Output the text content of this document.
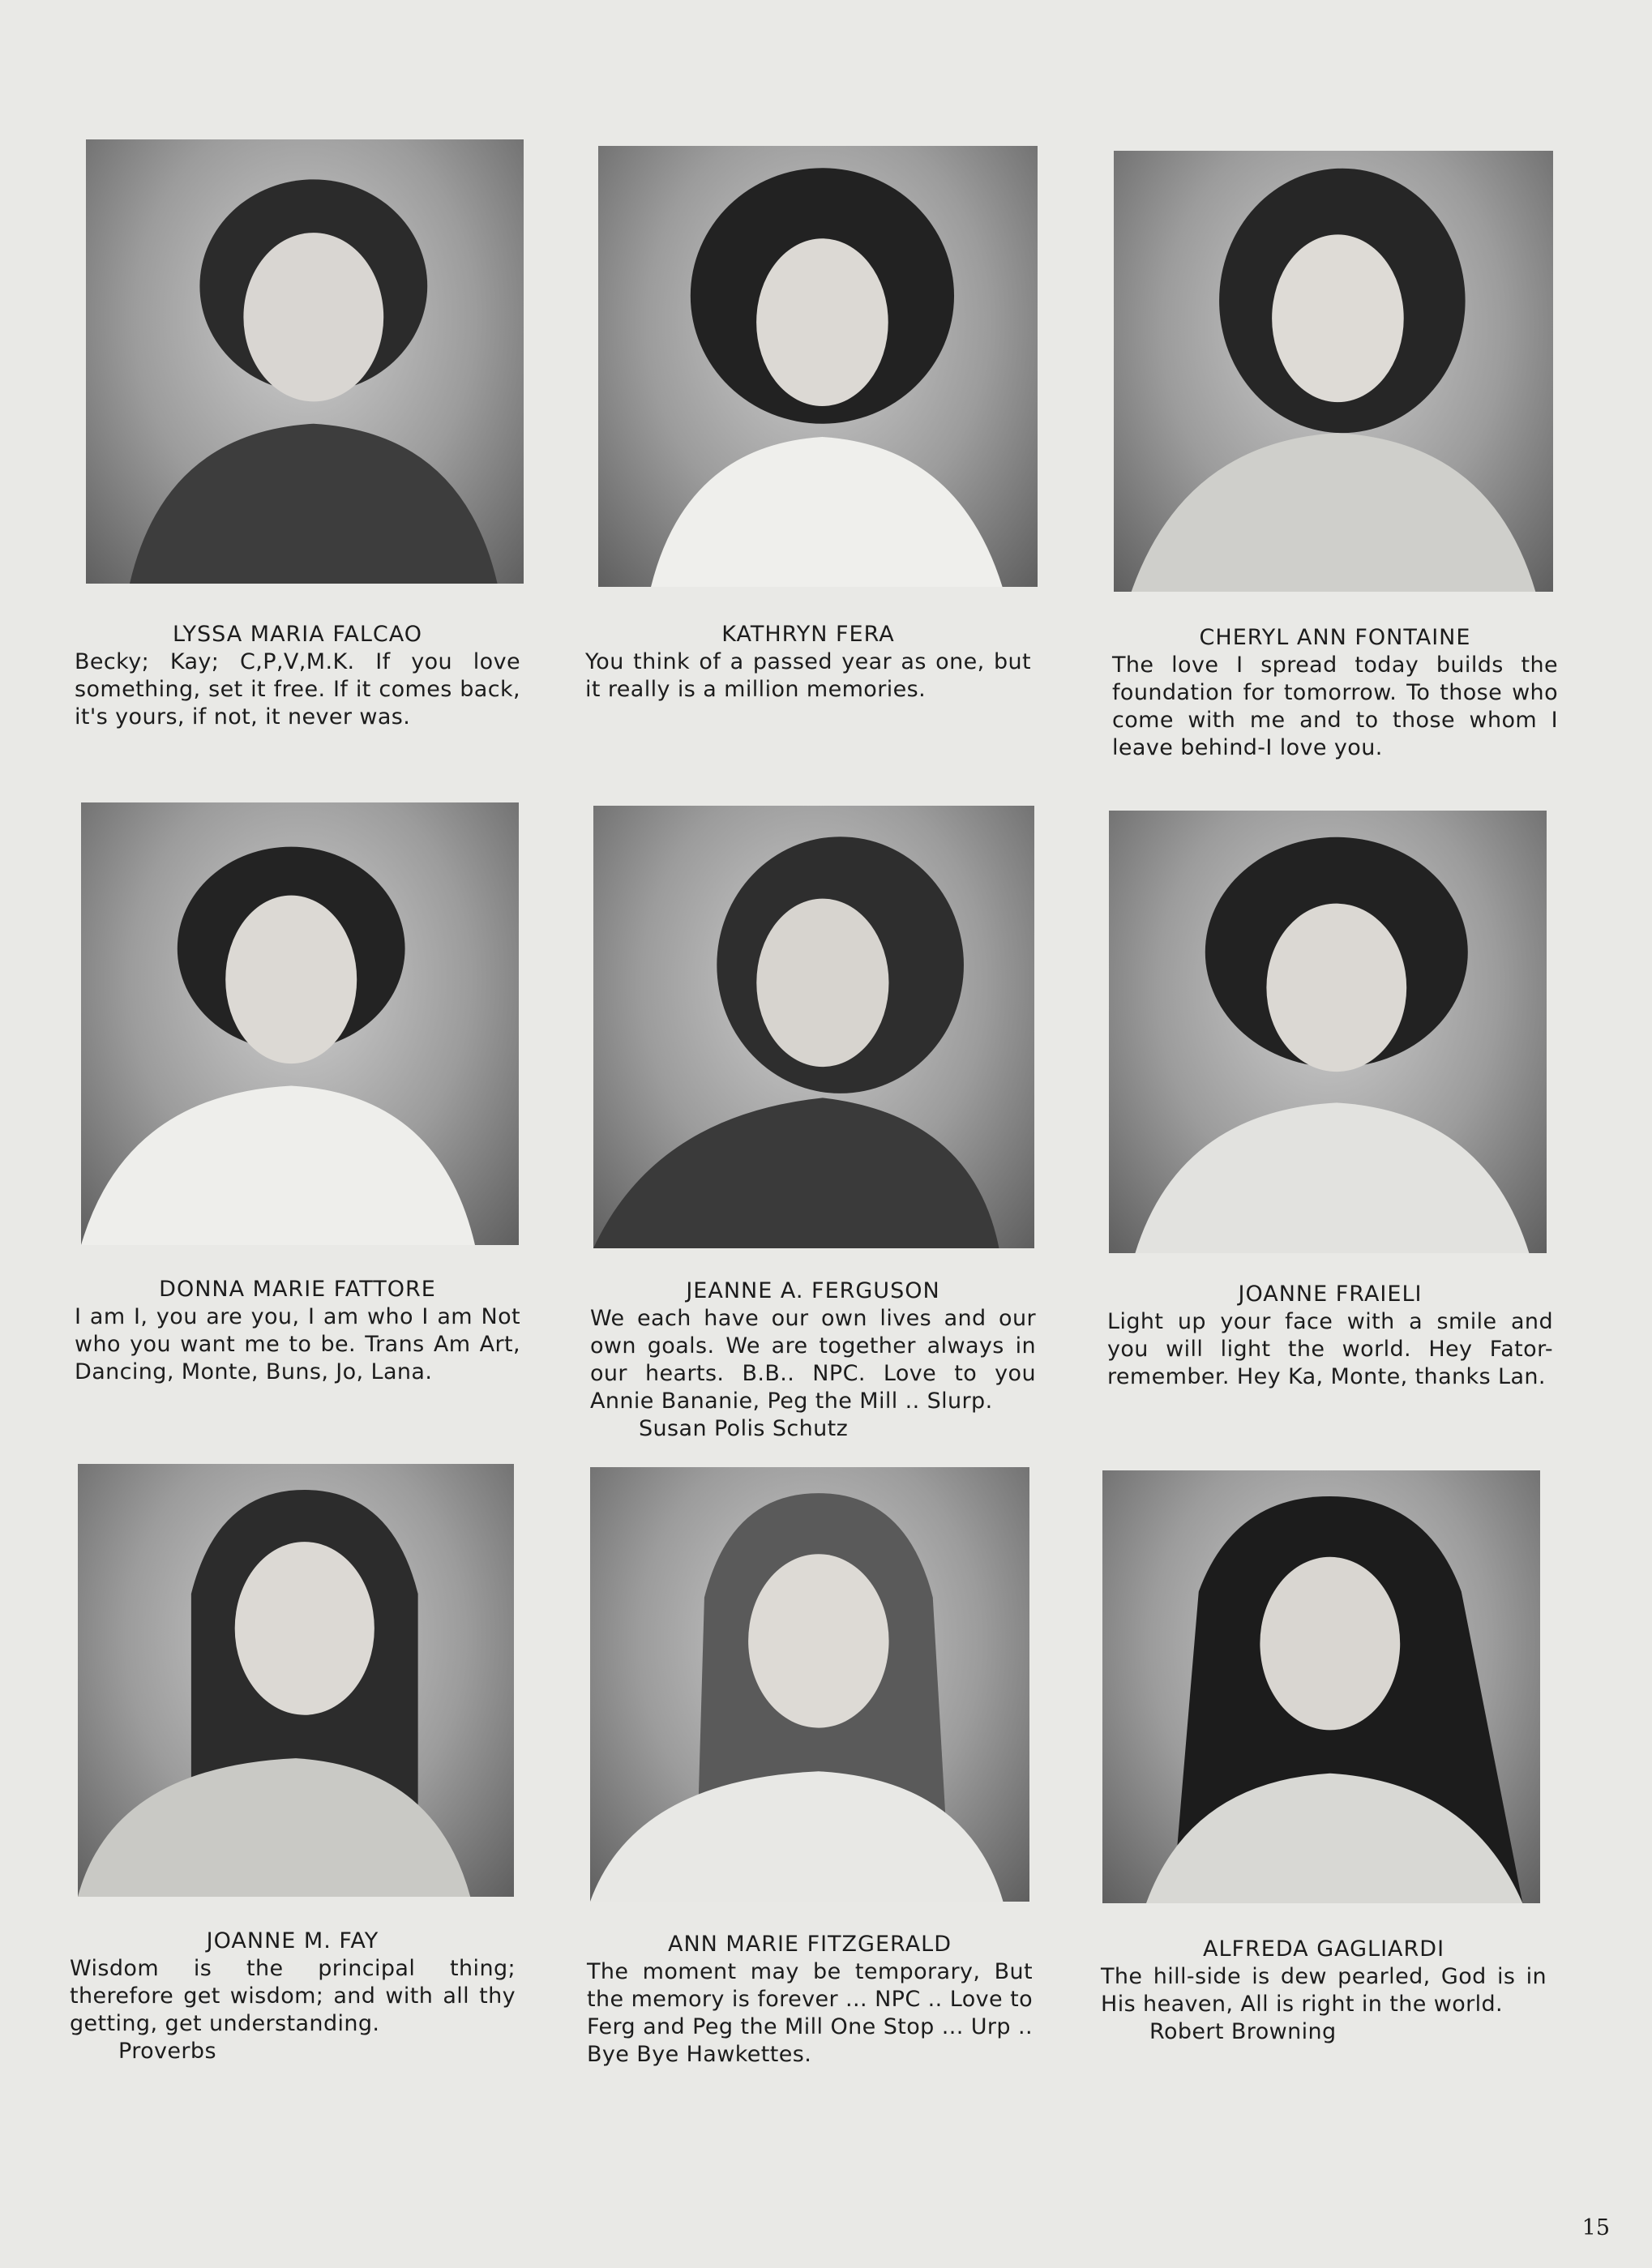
LYSSA MARIA FALCAO
Becky; Kay; C,P,V,M.K. If you love something, set it free. If it comes back, it's yours, if not, it never was.
KATHRYN FERA
You think of a passed year as one, but it really is a million memories.
CHERYL ANN FONTAINE
The love I spread today builds the foundation for tomorrow. To those who come with me and to those whom I leave behind-I love you.
DONNA MARIE FATTORE
I am I, you are you, I am who I am Not who you want me to be. Trans Am Art, Dancing, Monte, Buns, Jo, Lana.
JEANNE A. FERGUSON
We each have our own lives and our own goals. We are together always in our hearts. B.B.. NPC. Love to you Annie Bananie, Peg the Mill .. Slurp.
Susan Polis Schutz
JOANNE FRAIELI
Light up your face with a smile and you will light the world. Hey Fator-remember. Hey Ka, Monte, thanks Lan.
JOANNE M. FAY
Wisdom is the principal thing; therefore get wisdom; and with all thy getting, get understanding.
Proverbs
ANN MARIE FITZGERALD
The moment may be temporary, But the memory is forever ... NPC .. Love to Ferg and Peg the Mill One Stop ... Urp .. Bye Bye Hawkettes.
ALFREDA GAGLIARDI
The hill-side is dew pearled, God is in His heaven, All is right in the world.
Robert Browning
15
